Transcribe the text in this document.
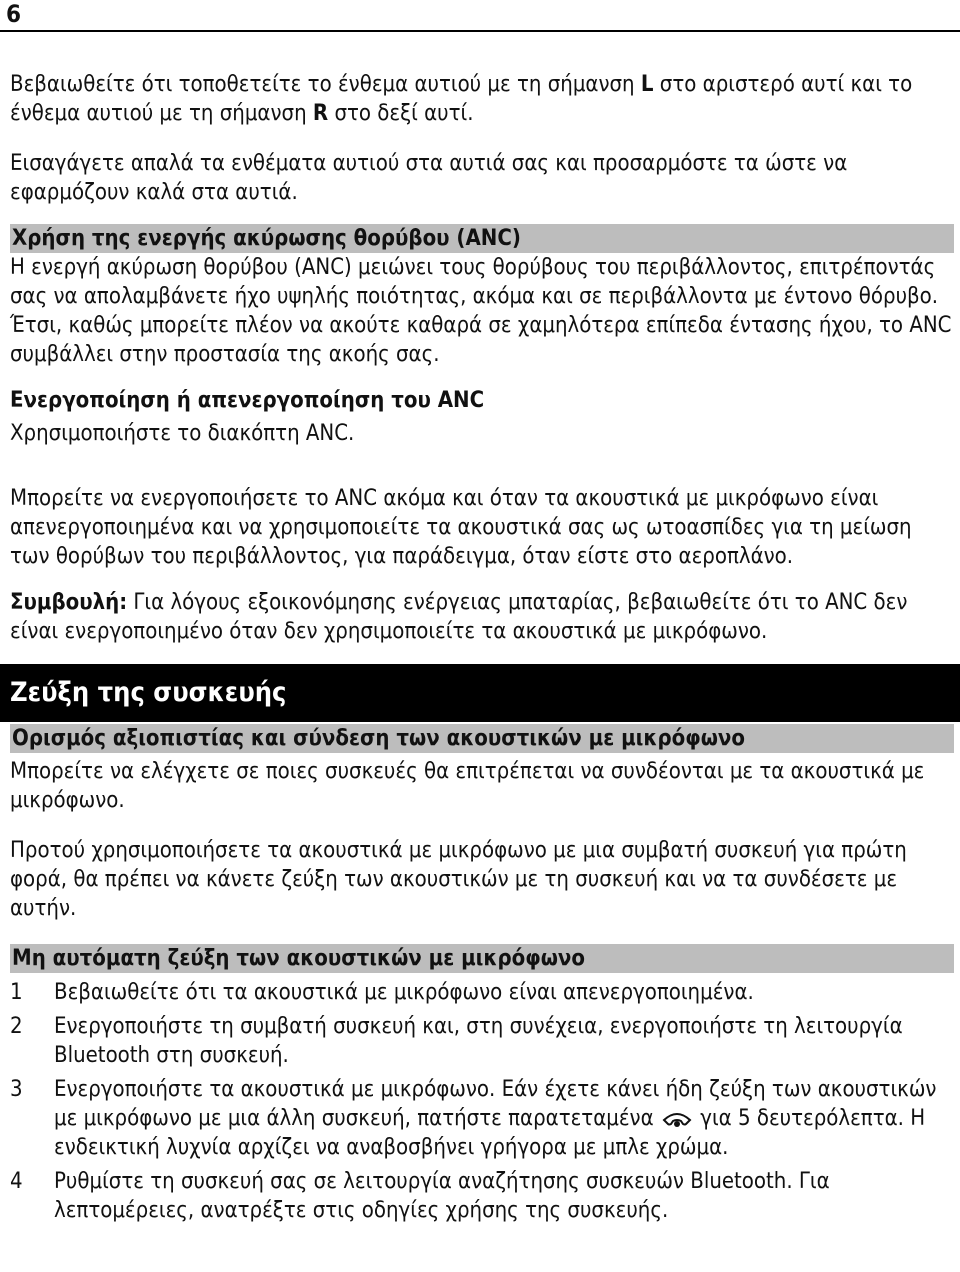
6

Βεβαιωθείτε ότι τοποθετείτε το ένθεμα αυτιού με τη σήμανση L στο αριστερό αυτί και το ένθεμα αυτιού με τη σήμανση R στο δεξί αυτί.

Εισαγάγετε απαλά τα ενθέματα αυτιού στα αυτιά σας και προσαρμόστε τα ώστε να εφαρμόζουν καλά στα αυτιά.

Χρήση της ενεργής ακύρωσης θορύβου (ANC)

Η ενεργή ακύρωση θορύβου (ANC) μειώνει τους θορύβους του περιβάλλοντος, επιτρέποντάς σας να απολαμβάνετε ήχο υψηλής ποιότητας, ακόμα και σε περιβάλλοντα με έντονο θόρυβο. Έτσι, καθώς μπορείτε πλέον να ακούτε καθαρά σε χαμηλότερα επίπεδα έντασης ήχου, το ANC συμβάλλει στην προστασία της ακοής σας.

Ενεργοποίηση ή απενεργοποίηση του ANC

Χρησιμοποιήστε το διακόπτη ANC.

Μπορείτε να ενεργοποιήσετε το ANC ακόμα και όταν τα ακουστικά με μικρόφωνο είναι απενεργοποιημένα και να χρησιμοποιείτε τα ακουστικά σας ως ωτοασπίδες για τη μείωση των θορύβων του περιβάλλοντος, για παράδειγμα, όταν είστε στο αεροπλάνο.

Συμβουλή: Για λόγους εξοικονόμησης ενέργειας μπαταρίας, βεβαιωθείτε ότι το ANC δεν είναι ενεργοποιημένο όταν δεν χρησιμοποιείτε τα ακουστικά με μικρόφωνο.

Ζεύξη της συσκευής
Ορισμός αξιοπιστίας και σύνδεση των ακουστικών με μικρόφωνο

Μπορείτε να ελέγχετε σε ποιες συσκευές θα επιτρέπεται να συνδέονται με τα ακουστικά με μικρόφωνο.

Προτού χρησιμοποιήσετε τα ακουστικά με μικρόφωνο με μια συμβατή συσκευή για πρώτη φορά, θα πρέπει να κάνετε ζεύξη των ακουστικών με τη συσκευή και να τα συνδέσετε με αυτήν.

Μη αυτόματη ζεύξη των ακουστικών με μικρόφωνο
1 Βεβαιωθείτε ότι τα ακουστικά με μικρόφωνο είναι απενεργοποιημένα.
2 Ενεργοποιήστε τη συμβατή συσκευή και, στη συνέχεια, ενεργοποιήστε τη λειτουργία Bluetooth στη συσκευή.
3 Ενεργοποιήστε τα ακουστικά με μικρόφωνο. Εάν έχετε κάνει ήδη ζεύξη των ακουστικών με μικρόφωνο με μια άλλη συσκευή, πατήστε παρατεταμένα  για 5 δευτερόλεπτα. Η ενδεικτική λυχνία αρχίζει να αναβοσβήνει γρήγορα με μπλε χρώμα.
4 Ρυθμίστε τη συσκευή σας σε λειτουργία αναζήτησης συσκευών Bluetooth. Για λεπτομέρειες, ανατρέξτε στις οδηγίες χρήσης της συσκευής.
